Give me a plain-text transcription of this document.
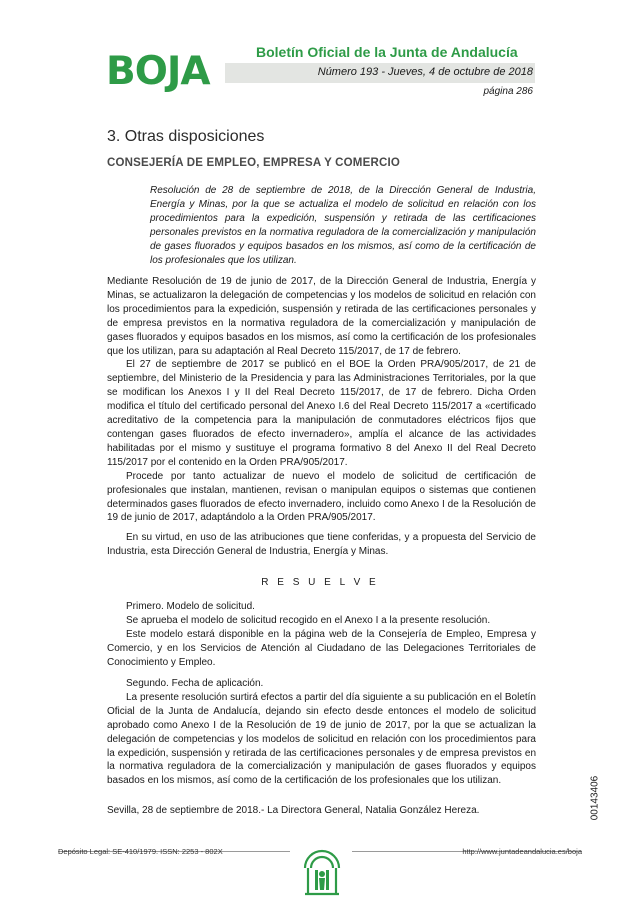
BOJA	Boletín Oficial de la Junta de Andalucía
Número 193 - Jueves, 4 de octubre de 2018
página 286
3. Otras disposiciones
CONSEJERÍA DE EMPLEO, EMPRESA Y COMERCIO
Resolución de 28 de septiembre de 2018, de la Dirección General de Industria, Energía y Minas, por la que se actualiza el modelo de solicitud en relación con los procedimientos para la expedición, suspensión y retirada de las certificaciones personales previstos en la normativa reguladora de la comercialización y manipulación de gases fluorados y equipos basados en los mismos, así como de la certificación de los profesionales que los utilizan.

Mediante Resolución de 19 de junio de 2017, de la Dirección General de Industria, Energía y Minas, se actualizaron la delegación de competencias y los modelos de solicitud en relación con los procedimientos para la expedición, suspensión y retirada de las certificaciones personales y de empresa previstos en la normativa reguladora de la comercialización y manipulación de gases fluorados y equipos basados en los mismos, así como la certificación de los profesionales que los utilizan, para su adaptación al Real Decreto 115/2017, de 17 de febrero.

El 27 de septiembre de 2017 se publicó en el BOE la Orden PRA/905/2017, de 21 de septiembre, del Ministerio de la Presidencia y para las Administraciones Territoriales, por la que se modifican los Anexos I y II del Real Decreto 115/2017, de 17 de febrero. Dicha Orden modifica el título del certificado personal del Anexo I.6 del Real Decreto 115/2017 a «certificado acreditativo de la competencia para la manipulación de conmutadores eléctricos fijos que contengan gases fluorados de efecto invernadero», amplía el alcance de las actividades habilitadas por el mismo y sustituye el programa formativo 8 del Anexo II del Real Decreto 115/2017 por el contenido en la Orden PRA/905/2017.

Procede por tanto actualizar de nuevo el modelo de solicitud de certificación de profesionales que instalan, mantienen, revisan o manipulan equipos o sistemas que contienen determinados gases fluorados de efecto invernadero, incluido como Anexo I de la Resolución de 19 de junio de 2017, adaptándolo a la Orden PRA/905/2017.

En su virtud, en uso de las atribuciones que tiene conferidas, y a propuesta del Servicio de Industria, esta Dirección General de Industria, Energía y Minas.

R E S U E L V E

Primero. Modelo de solicitud.

Se aprueba el modelo de solicitud recogido en el Anexo I a la presente resolución.

Este modelo estará disponible en la página web de la Consejería de Empleo, Empresa y Comercio, y en los Servicios de Atención al Ciudadano de las Delegaciones Territoriales de Conocimiento y Empleo.

Segundo. Fecha de aplicación.

La presente resolución surtirá efectos a partir del día siguiente a su publicación en el Boletín Oficial de la Junta de Andalucía, dejando sin efecto desde entonces el modelo de solicitud aprobado como Anexo I de la Resolución de 19 de junio de 2017, por la que se actualizan la delegación de competencias y los modelos de solicitud en relación con los procedimientos para la expedición, suspensión y retirada de las certificaciones personales y de empresa previstos en la normativa reguladora de la comercialización y manipulación de gases fluorados y equipos basados en los mismos, así como de la certificación de los profesionales que los utilizan.

Sevilla, 28 de septiembre de 2018.- La Directora General, Natalia González Hereza.	00143406
Depósito Legal: SE-410/1979. ISSN: 2253 - 802X	http://www.juntadeandalucia.es/boja
